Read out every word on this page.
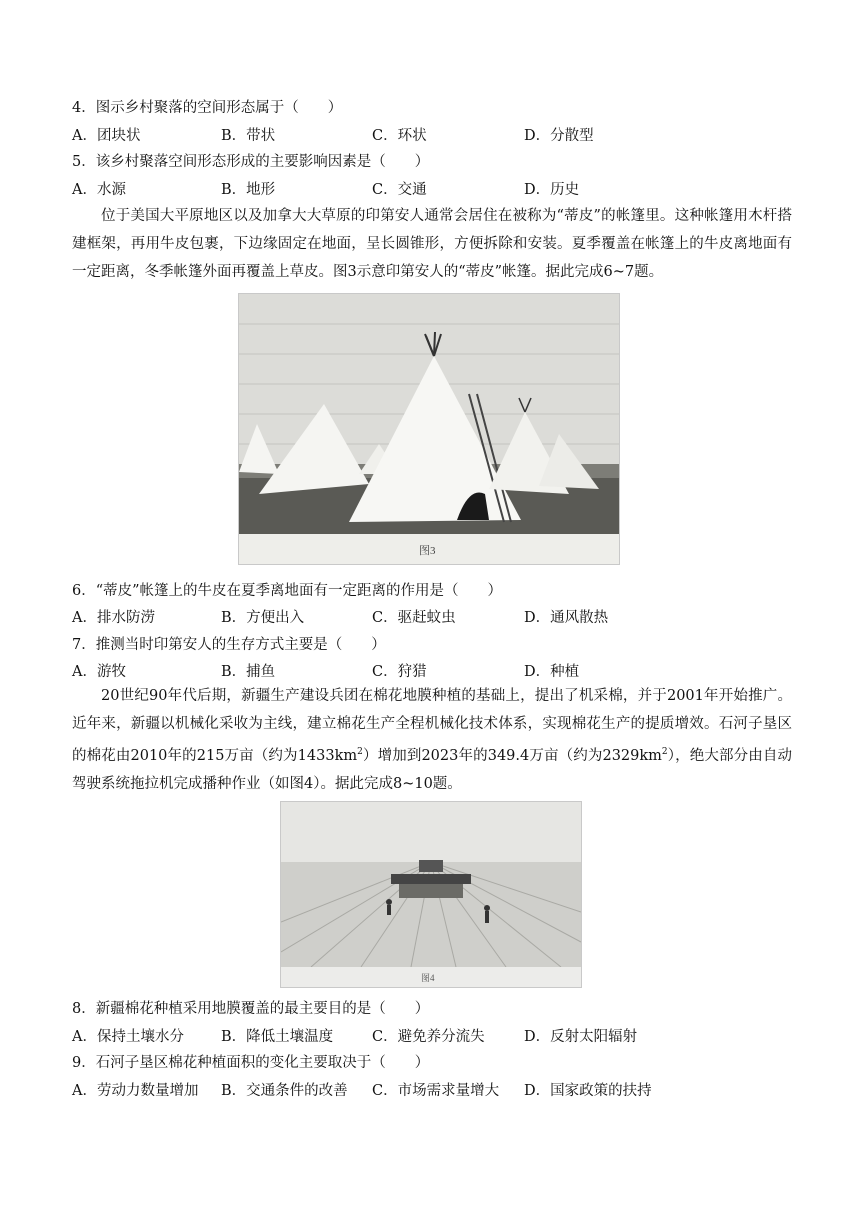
4．图示乡村聚落的空间形态属于（　　）
A．团块状	B．带状	C．环状	D．分散型
5．该乡村聚落空间形态形成的主要影响因素是（　　）
A．水源	B．地形	C．交通	D．历史
位于美国大平原地区以及加拿大大草原的印第安人通常会居住在被称为“蒂皮”的帐篷里。这种帐篷用木杆搭建框架，再用牛皮包裹，下边缘固定在地面，呈长圆锥形，方便拆除和安装。夏季覆盖在帐篷上的牛皮离地面有一定距离，冬季帐篷外面再覆盖上草皮。图3示意印第安人的“蒂皮”帐篷。据此完成6~7题。
图3
6．“蒂皮”帐篷上的牛皮在夏季离地面有一定距离的作用是（　　）
A．排水防涝	B．方便出入	C．驱赶蚊虫	D．通风散热
7．推测当时印第安人的生存方式主要是（　　）
A．游牧	B．捕鱼	C．狩猎	D．种植
20世纪90年代后期，新疆生产建设兵团在棉花地膜种植的基础上，提出了机采棉，并于2001年开始推广。近年来，新疆以机械化采收为主线，建立棉花生产全程机械化技术体系，实现棉花生产的提质增效。石河子垦区的棉花由2010年的215万亩（约为$1433km^2$）增加到2023年的349.4万亩（约为$2329km^2$），绝大部分由自动驾驶系统拖拉机完成播种作业（如图4）。据此完成8~10题。
图4
8．新疆棉花种植采用地膜覆盖的最主要目的是（　　）
A．保持土壤水分	B．降低土壤温度	C．避免养分流失	D．反射太阳辐射
9．石河子垦区棉花种植面积的变化主要取决于（　　）
A．劳动力数量增加 B．交通条件的改善 C．市场需求量增大 D．国家政策的扶持
